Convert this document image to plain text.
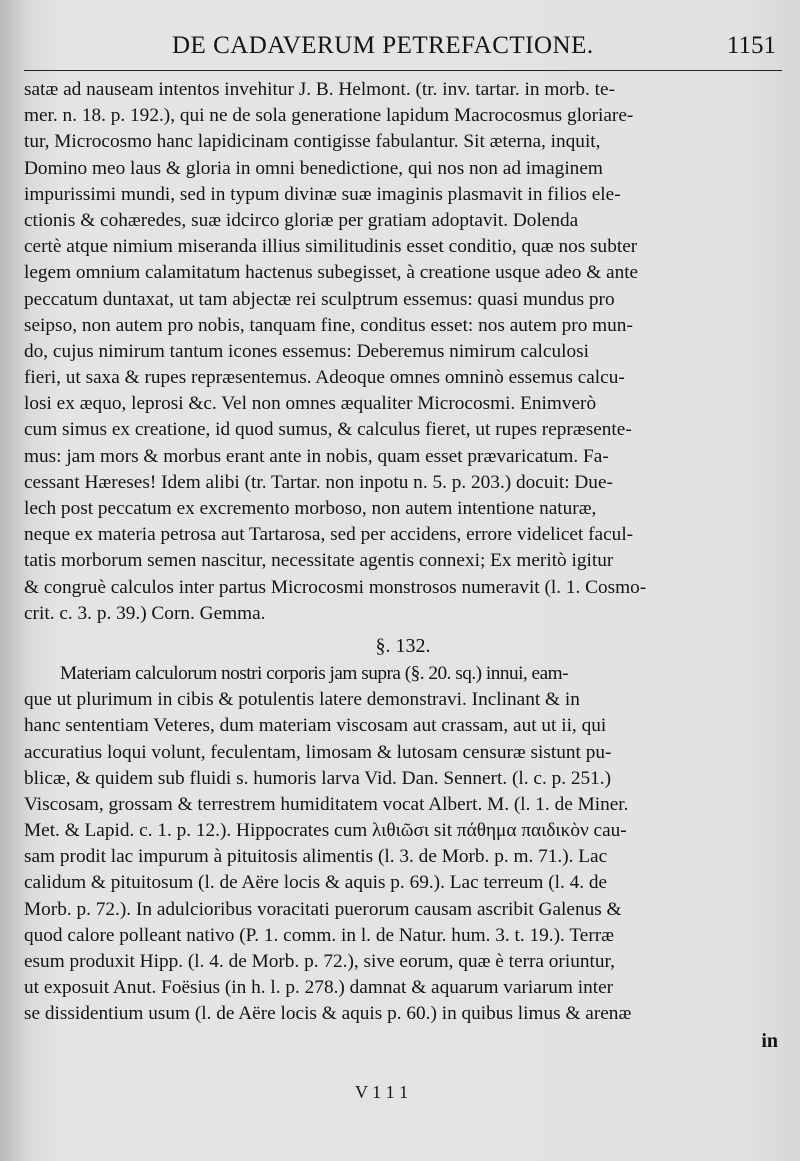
DE CADAVERUM PETREFACTIONE.	1151
satæ ad nauseam intentos invehitur J. B. Helmont. (tr. inv. tartar. in morb. te-
mer. n. 18. p. 192.), qui ne de sola generatione lapidum Macrocosmus gloriare-
tur, Microcosmo hanc lapidicinam contigisse fabulantur. Sit æterna, inquit,
Domino meo laus & gloria in omni benedictione, qui nos non ad imaginem
impurissimi mundi, sed in typum divinæ suæ imaginis plasmavit in filios ele-
ctionis & cohæredes, suæ idcirco gloriæ per gratiam adoptavit. Dolenda
certè atque nimium miseranda illius similitudinis esset conditio, quæ nos subter
legem omnium calamitatum hactenus subegisset, à creatione usque adeo & ante
peccatum duntaxat, ut tam abjectæ rei sculptrum essemus: quasi mundus pro
seipso, non autem pro nobis, tanquam fine, conditus esset: nos autem pro mun-
do, cujus nimirum tantum icones essemus: Deberemus nimirum calculosi
fieri, ut saxa & rupes repræsentemus. Adeoque omnes omninò essemus calcu-
losi ex æquo, leprosi &c. Vel non omnes æqualiter Microcosmi. Enimverò
cum simus ex creatione, id quod sumus, & calculus fieret, ut rupes repræsente-
mus: jam mors & morbus erant ante in nobis, quam esset prævaricatum. Fa-
cessant Hæreses! Idem alibi (tr. Tartar. non inpotu n. 5. p. 203.) docuit: Due-
lech post peccatum ex excremento morboso, non autem intentione naturæ,
neque ex materia petrosa aut Tartarosa, sed per accidens, errore videlicet facul-
tatis morborum semen nascitur, necessitate agentis connexi; Ex meritò igitur
& congruè calculos inter partus Microcosmi monstrosos numeravit (l. 1. Cosmo-
crit. c. 3. p. 39.) Corn. Gemma.
§. 132.
Materiam calculorum nostri corporis jam supra (§. 20. sq.) innui, eam-
que ut plurimum in cibis & potulentis latere demonstravi. Inclinant & in
hanc sententiam Veteres, dum materiam viscosam aut crassam, aut ut ii, qui
accuratius loqui volunt, feculentam, limosam & lutosam censuræ sistunt pu-
blicæ, & quidem sub fluidi s. humoris larva Vid. Dan. Sennert. (l. c. p. 251.)
Viscosam, grossam & terrestrem humiditatem vocat Albert. M. (l. 1. de Miner.
Met. & Lapid. c. 1. p. 12.). Hippocrates cum λιθιῶσι sit πάθημα παιδικὸν cau-
sam prodit lac impurum à pituitosis alimentis (l. 3. de Morb. p. m. 71.). Lac
calidum & pituitosum (l. de Aëre locis & aquis p. 69.). Lac terreum (l. 4. de
Morb. p. 72.). In adulcioribus voracitati puerorum causam ascribit Galenus &
quod calore polleant nativo (P. 1. comm. in l. de Natur. hum. 3. t. 19.). Terræ
esum produxit Hipp. (l. 4. de Morb. p. 72.), sive eorum, quæ è terra oriuntur,
ut exposuit Anut. Foësius (in h. l. p. 278.) damnat & aquarum variarum inter
se dissidentium usum (l. de Aëre locis & aquis p. 60.) in quibus limus & arenæ
in
V 1 1 1
